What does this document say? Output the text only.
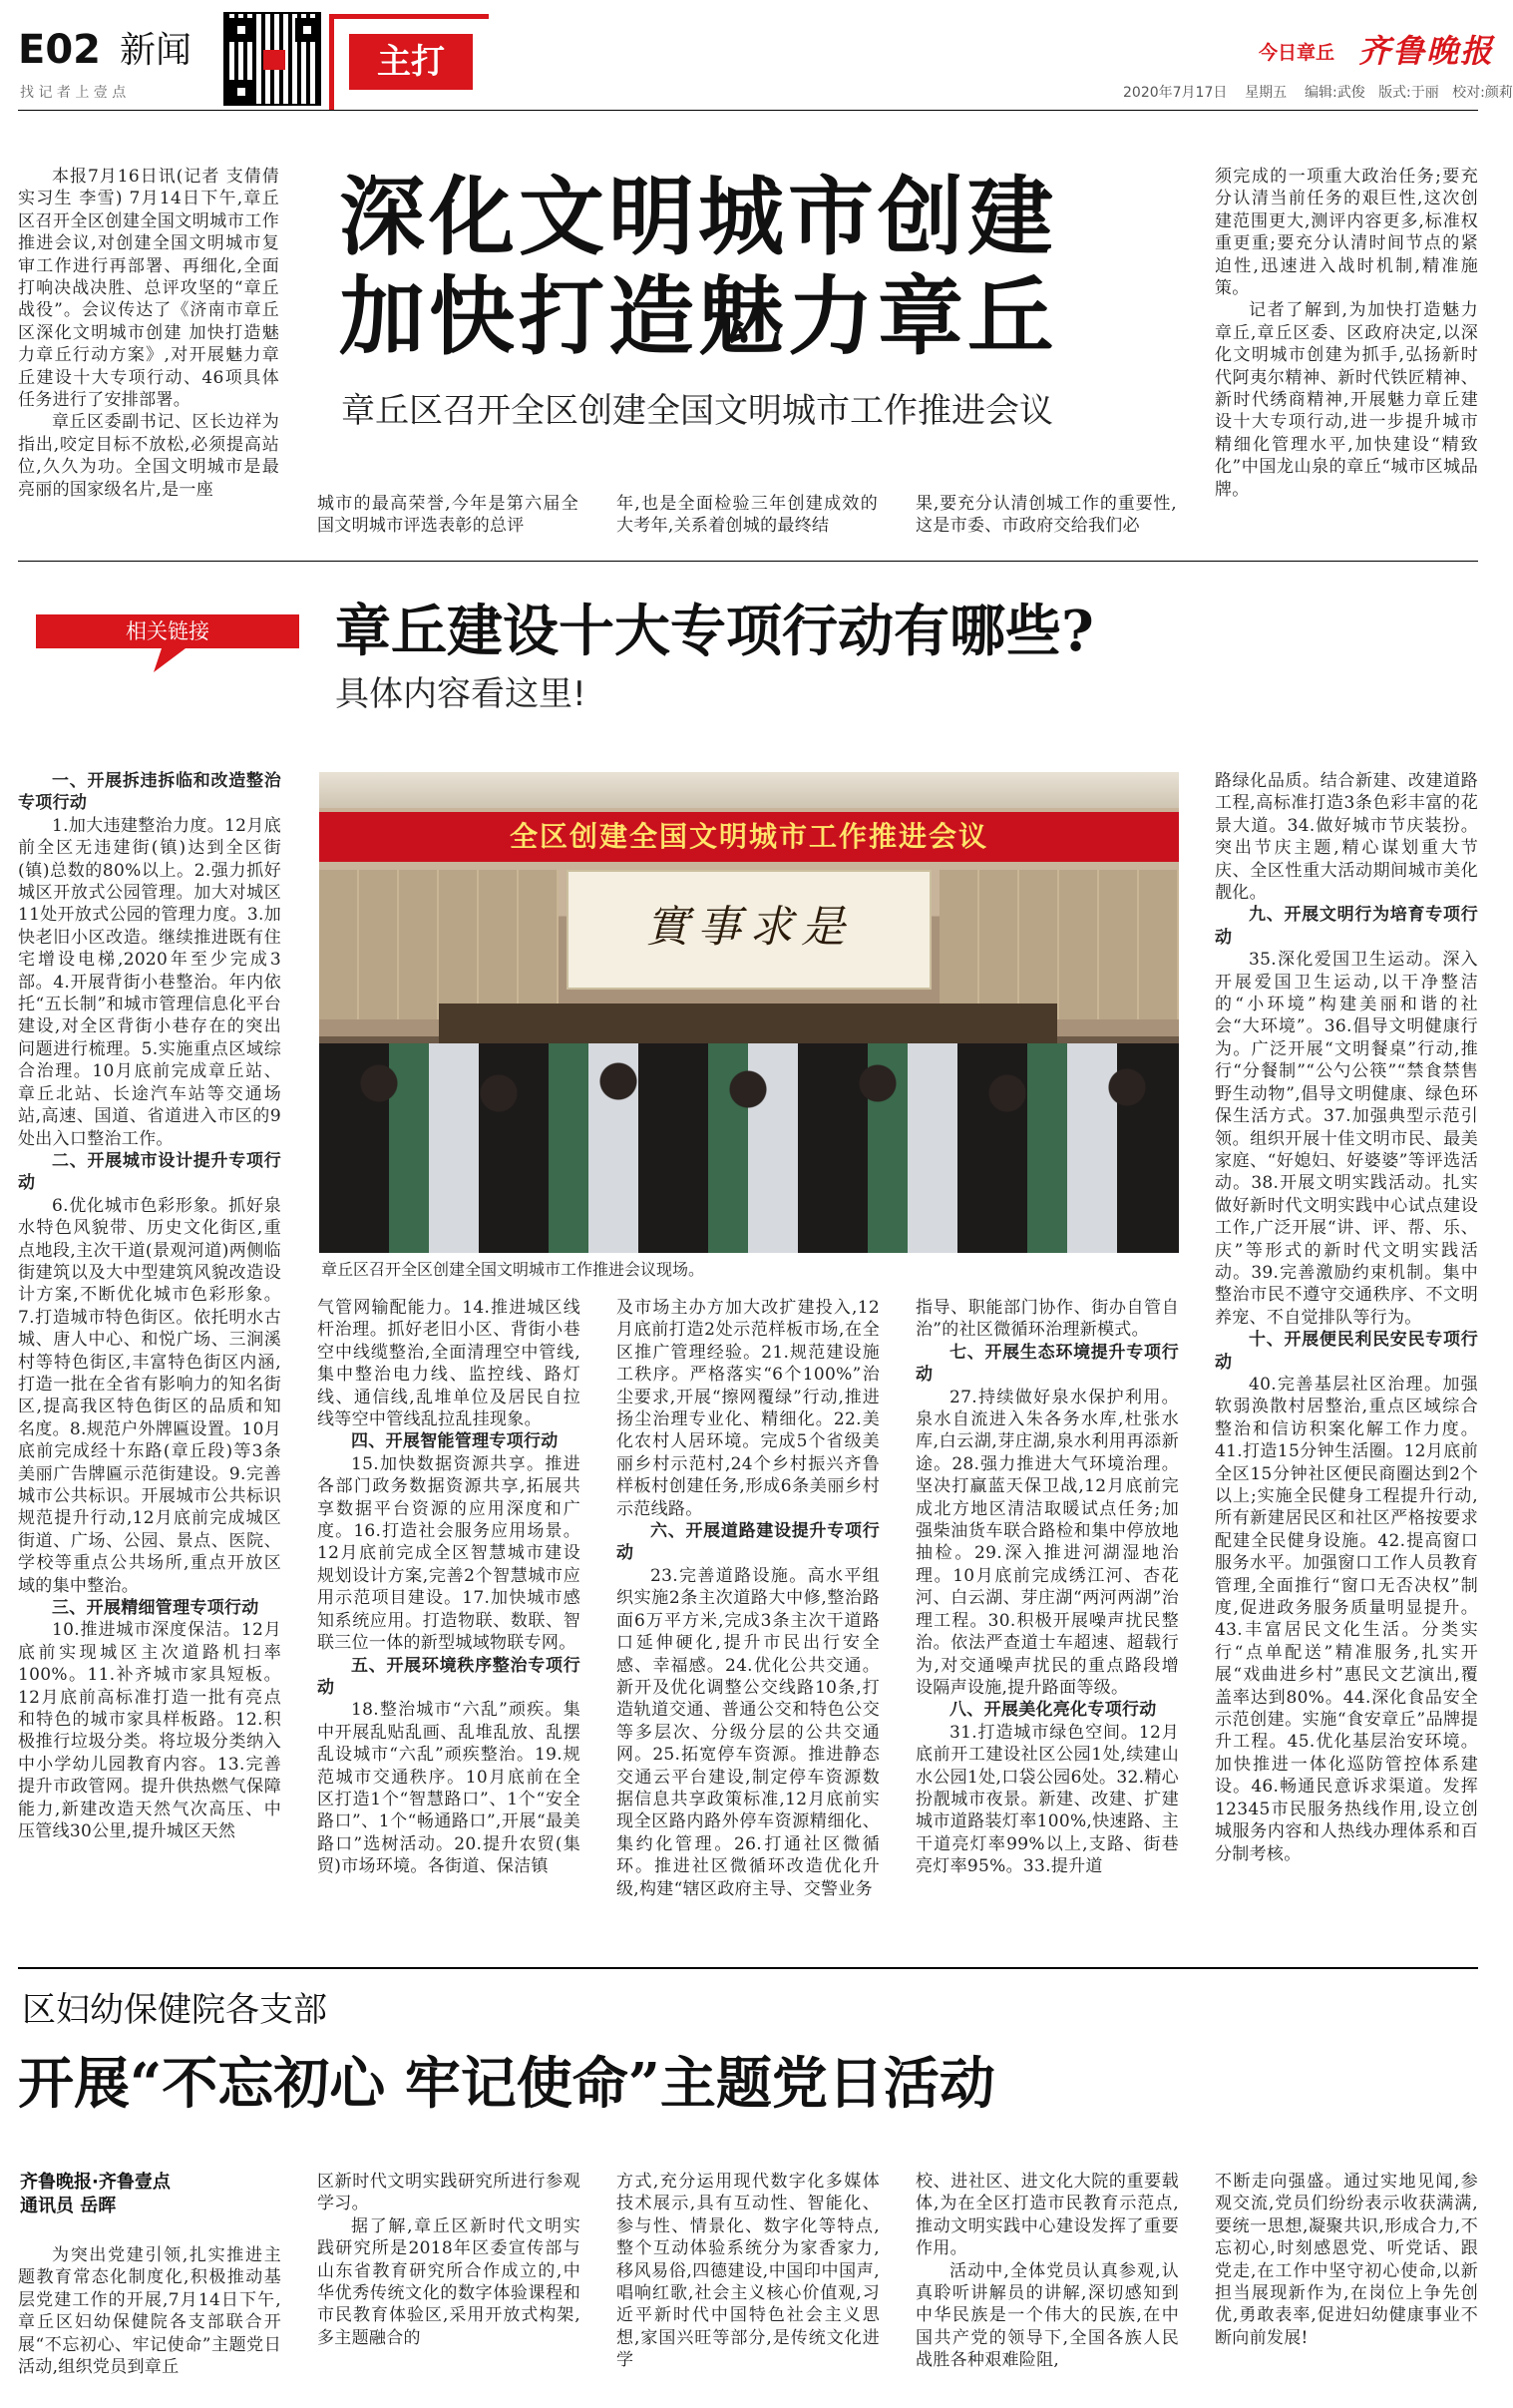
E02 新闻
找 记 者 上 壹 点
主打	今日章丘 齐鲁晚报
2020年7月17日 星期五 编辑:武俊 版式:于丽 校对:颜莉
深化文明城市创建
加快打造魅力章丘
章丘区召开全区创建全国文明城市工作推进会议

本报7月16日讯(记者 支倩倩 实习生 李雪) 7月14日下午,章丘区召开全区创建全国文明城市工作推进会议,对创建全国文明城市复审工作进行再部署、再细化,全面打响决战决胜、总评攻坚的“章丘战役”。会议传达了《济南市章丘区深化文明城市创建 加快打造魅力章丘行动方案》,对开展魅力章丘建设十大专项行动、46项具体任务进行了安排部署。

章丘区委副书记、区长边祥为指出,咬定目标不放松,必须提高站位,久久为功。全国文明城市是最亮丽的国家级名片,是一座

城市的最高荣誉,今年是第六届全国文明城市评选表彰的总评

年,也是全面检验三年创建成效的大考年,关系着创城的最终结

果,要充分认清创城工作的重要性,这是市委、市政府交给我们必

须完成的一项重大政治任务;要充分认清当前任务的艰巨性,这次创建范围更大,测评内容更多,标准权重更重;要充分认清时间节点的紧迫性,迅速进入战时机制,精准施策。

记者了解到,为加快打造魅力章丘,章丘区委、区政府决定,以深化文明城市创建为抓手,弘扬新时代阿夷尔精神、新时代铁匠精神、新时代绣商精神,开展魅力章丘建设十大专项行动,进一步提升城市精细化管理水平,加快建设“精致化”中国龙山泉的章丘“城市区城品牌。

相关链接	章丘建设十大专项行动有哪些?
具体内容看这里!
全区创建全国文明城市工作推进会议
實事求是
章丘区召开全区创建全国文明城市工作推进会议现场。
一、开展拆违拆临和改造整治专项行动

1.加大违建整治力度。12月底前全区无违建街(镇)达到全区街(镇)总数的80%以上。2.强力抓好城区开放式公园管理。加大对城区11处开放式公园的管理力度。3.加快老旧小区改造。继续推进既有住宅增设电梯,2020年至少完成3部。4.开展背街小巷整治。年内依托“五长制”和城市管理信息化平台建设,对全区背街小巷存在的突出问题进行梳理。5.实施重点区域综合治理。10月底前完成章丘站、章丘北站、长途汽车站等交通场站,高速、国道、省道进入市区的9处出入口整治工作。

二、开展城市设计提升专项行动

6.优化城市色彩形象。抓好泉水特色风貌带、历史文化街区,重点地段,主次干道(景观河道)两侧临街建筑以及大中型建筑风貌改造设计方案,不断优化城市色彩形象。7.打造城市特色街区。依托明水古城、唐人中心、和悦广场、三涧溪村等特色街区,丰富特色街区内涵,打造一批在全省有影响力的知名街区,提高我区特色街区的品质和知名度。8.规范户外牌匾设置。10月底前完成经十东路(章丘段)等3条美丽广告牌匾示范街建设。9.完善城市公共标识。开展城市公共标识规范提升行动,12月底前完成城区街道、广场、公园、景点、医院、学校等重点公共场所,重点开放区域的集中整治。

三、开展精细管理专项行动

10.推进城市深度保洁。12月底前实现城区主次道路机扫率100%。11.补齐城市家具短板。12月底前高标准打造一批有亮点和特色的城市家具样板路。12.积极推行垃圾分类。将垃圾分类纳入中小学幼儿园教育内容。13.完善提升市政管网。提升供热燃气保障能力,新建改造天然气次高压、中压管线30公里,提升城区天然

气管网输配能力。14.推进城区线杆治理。抓好老旧小区、背街小巷空中线缆整治,全面清理空中管线,集中整治电力线、监控线、路灯线、通信线,乱堆单位及居民自拉线等空中管线乱拉乱挂现象。

四、开展智能管理专项行动

15.加快数据资源共享。推进各部门政务数据资源共享,拓展共享数据平台资源的应用深度和广度。16.打造社会服务应用场景。12月底前完成全区智慧城市建设规划设计方案,完善2个智慧城市应用示范项目建设。17.加快城市感知系统应用。打造物联、数联、智联三位一体的新型城域物联专网。

五、开展环境秩序整治专项行动

18.整治城市“六乱”顽疾。集中开展乱贴乱画、乱堆乱放、乱摆乱设城市“六乱”顽疾整治。19.规范城市交通秩序。10月底前在全区打造1个“智慧路口”、1个“安全路口”、1个“畅通路口”,开展“最美路口”选树活动。20.提升农贸(集贸)市场环境。各街道、保洁镇

及市场主办方加大改扩建投入,12月底前打造2处示范样板市场,在全区推广管理经验。21.规范建设施工秩序。严格落实“6个100%”治尘要求,开展“擦网覆绿”行动,推进扬尘治理专业化、精细化。22.美化农村人居环境。完成5个省级美丽乡村示范村,24个乡村振兴齐鲁样板村创建任务,形成6条美丽乡村示范线路。

六、开展道路建设提升专项行动

23.完善道路设施。高水平组织实施2条主次道路大中修,整治路面6万平方米,完成3条主次干道路口延伸硬化,提升市民出行安全感、幸福感。24.优化公共交通。新开及优化调整公交线路10条,打造轨道交通、普通公交和特色公交等多层次、分级分层的公共交通网。25.拓宽停车资源。推进静态交通云平台建设,制定停车资源数据信息共享政策标准,12月底前实现全区路内路外停车资源精细化、集约化管理。26.打通社区微循环。推进社区微循环改造优化升级,构建“辖区政府主导、交警业务

指导、职能部门协作、街办自管自治”的社区微循环治理新模式。

七、开展生态环境提升专项行动

27.持续做好泉水保护利用。泉水自流进入朱各务水库,杜张水库,白云湖,芽庄湖,泉水利用再添新途。28.强力推进大气环境治理。坚决打赢蓝天保卫战,12月底前完成北方地区清洁取暖试点任务;加强柴油货车联合路检和集中停放地抽检。29.深入推进河湖湿地治理。10月底前完成绣江河、杏花河、白云湖、芽庄湖“两河两湖”治理工程。30.积极开展噪声扰民整治。依法严查道士车超速、超载行为,对交通噪声扰民的重点路段增设隔声设施,提升路面等级。

八、开展美化亮化专项行动

31.打造城市绿色空间。12月底前开工建设社区公园1处,续建山水公园1处,口袋公园6处。32.精心扮靓城市夜景。新建、改建、扩建城市道路装灯率100%,快速路、主干道亮灯率99%以上,支路、街巷亮灯率95%。33.提升道

路绿化品质。结合新建、改建道路工程,高标准打造3条色彩丰富的花景大道。34.做好城市节庆装扮。突出节庆主题,精心谋划重大节庆、全区性重大活动期间城市美化靓化。

九、开展文明行为培育专项行动

35.深化爱国卫生运动。深入开展爱国卫生运动,以干净整洁的“小环境”构建美丽和谐的社会“大环境”。36.倡导文明健康行为。广泛开展“文明餐桌”行动,推行“分餐制”“公勺公筷”“禁食禁售野生动物”,倡导文明健康、绿色环保生活方式。37.加强典型示范引领。组织开展十佳文明市民、最美家庭、“好媳妇、好婆婆”等评选活动。38.开展文明实践活动。扎实做好新时代文明实践中心试点建设工作,广泛开展“讲、评、帮、乐、庆”等形式的新时代文明实践活动。39.完善激励约束机制。集中整治市民不遵守交通秩序、不文明养宠、不自觉排队等行为。

十、开展便民利民安民专项行动

40.完善基层社区治理。加强软弱涣散村居整治,重点区域综合整治和信访积案化解工作力度。41.打造15分钟生活圈。12月底前全区15分钟社区便民商圈达到2个以上;实施全民健身工程提升行动,所有新建居民区和社区严格按要求配建全民健身设施。42.提高窗口服务水平。加强窗口工作人员教育管理,全面推行“窗口无否决权”制度,促进政务服务质量明显提升。43.丰富居民文化生活。分类实行“点单配送”精准服务,扎实开展“戏曲进乡村”惠民文艺演出,覆盖率达到80%。44.深化食品安全示范创建。实施“食安章丘”品牌提升工程。45.优化基层治安环境。加快推进一体化巡防管控体系建设。46.畅通民意诉求渠道。发挥12345市民服务热线作用,设立创城服务内容和人热线办理体系和百分制考核。

区妇幼保健院各支部
开展“不忘初心 牢记使命”主题党日活动
齐鲁晚报·齐鲁壹点
通讯员 岳晖

为突出党建引领,扎实推进主题教育常态化制度化,积极推动基层党建工作的开展,7月14日下午,章丘区妇幼保健院各支部联合开展“不忘初心、牢记使命”主题党日活动,组织党员到章丘

区新时代文明实践研究所进行参观学习。

据了解,章丘区新时代文明实践研究所是2018年区委宣传部与山东省教育研究所合作成立的,中华优秀传统文化的数字体验课程和市民教育体验区,采用开放式构架,多主题融合的

方式,充分运用现代数字化多媒体技术展示,具有互动性、智能化、参与性、情景化、数字化等特点,整个互动体验系统分为家香家力,移风易俗,四德建设,中国印中国声,唱响红歌,社会主义核心价值观,习近平新时代中国特色社会主义思想,家国兴旺等部分,是传统文化进学

校、进社区、进文化大院的重要载体,为在全区打造市民教育示范点,推动文明实践中心建设发挥了重要作用。

活动中,全体党员认真参观,认真聆听讲解员的讲解,深切感知到中华民族是一个伟大的民族,在中国共产党的领导下,全国各族人民战胜各种艰难险阻,

不断走向强盛。通过实地见闻,参观交流,党员们纷纷表示收获满满,要统一思想,凝聚共识,形成合力,不忘初心,时刻感恩党、听党话、跟党走,在工作中坚守初心使命,以新担当展现新作为,在岗位上争先创优,勇敢表率,促进妇幼健康事业不断向前发展!
